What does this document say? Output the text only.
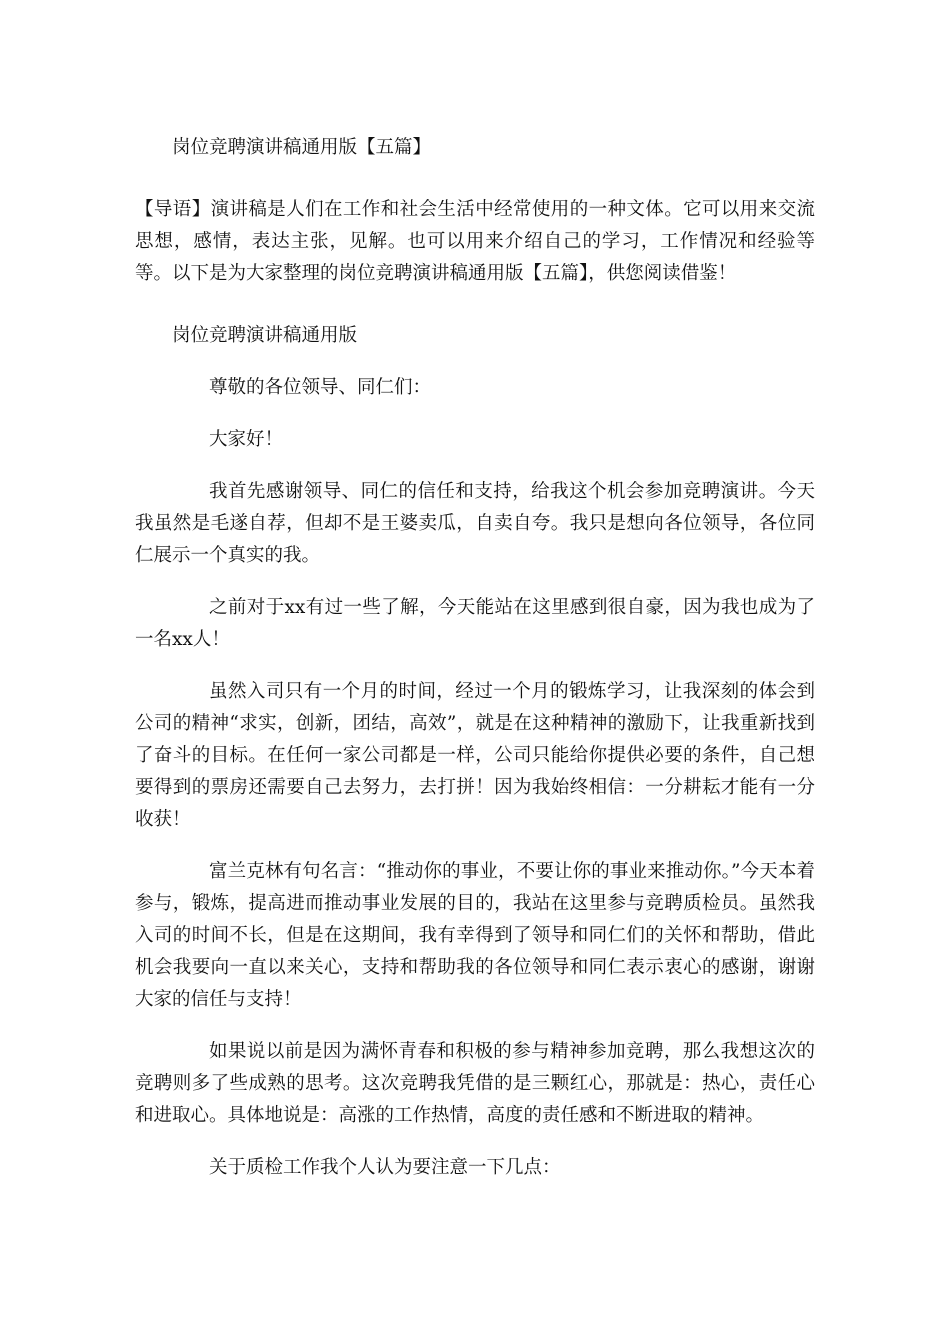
岗位竞聘演讲稿通用版【五篇】
【导语】演讲稿是人们在工作和社会生活中经常使用的一种文体。它可以用来交流思想，感情，表达主张，见解。也可以用来介绍自己的学习，工作情况和经验等等。以下是为大家整理的岗位竞聘演讲稿通用版【五篇】，供您阅读借鉴！
岗位竞聘演讲稿通用版
尊敬的各位领导、同仁们：
大家好！
我首先感谢领导、同仁的信任和支持，给我这个机会参加竞聘演讲。今天我虽然是毛遂自荐，但却不是王婆卖瓜，自卖自夸。我只是想向各位领导，各位同仁展示一个真实的我。
之前对于xx有过一些了解，今天能站在这里感到很自豪，因为我也成为了一名xx人！
虽然入司只有一个月的时间，经过一个月的锻炼学习，让我深刻的体会到公司的精神“求实，创新，团结，高效”，就是在这种精神的激励下，让我重新找到了奋斗的目标。在任何一家公司都是一样，公司只能给你提供必要的条件，自己想要得到的票房还需要自己去努力，去打拼！因为我始终相信：一分耕耘才能有一分收获！
富兰克林有句名言：“推动你的事业，不要让你的事业来推动你。”今天本着参与，锻炼，提高进而推动事业发展的目的，我站在这里参与竞聘质检员。虽然我入司的时间不长，但是在这期间，我有幸得到了领导和同仁们的关怀和帮助，借此机会我要向一直以来关心，支持和帮助我的各位领导和同仁表示衷心的感谢，谢谢大家的信任与支持！
如果说以前是因为满怀青春和积极的参与精神参加竞聘，那么我想这次的竞聘则多了些成熟的思考。这次竞聘我凭借的是三颗红心，那就是：热心，责任心和进取心。具体地说是：高涨的工作热情，高度的责任感和不断进取的精神。
关于质检工作我个人认为要注意一下几点：
